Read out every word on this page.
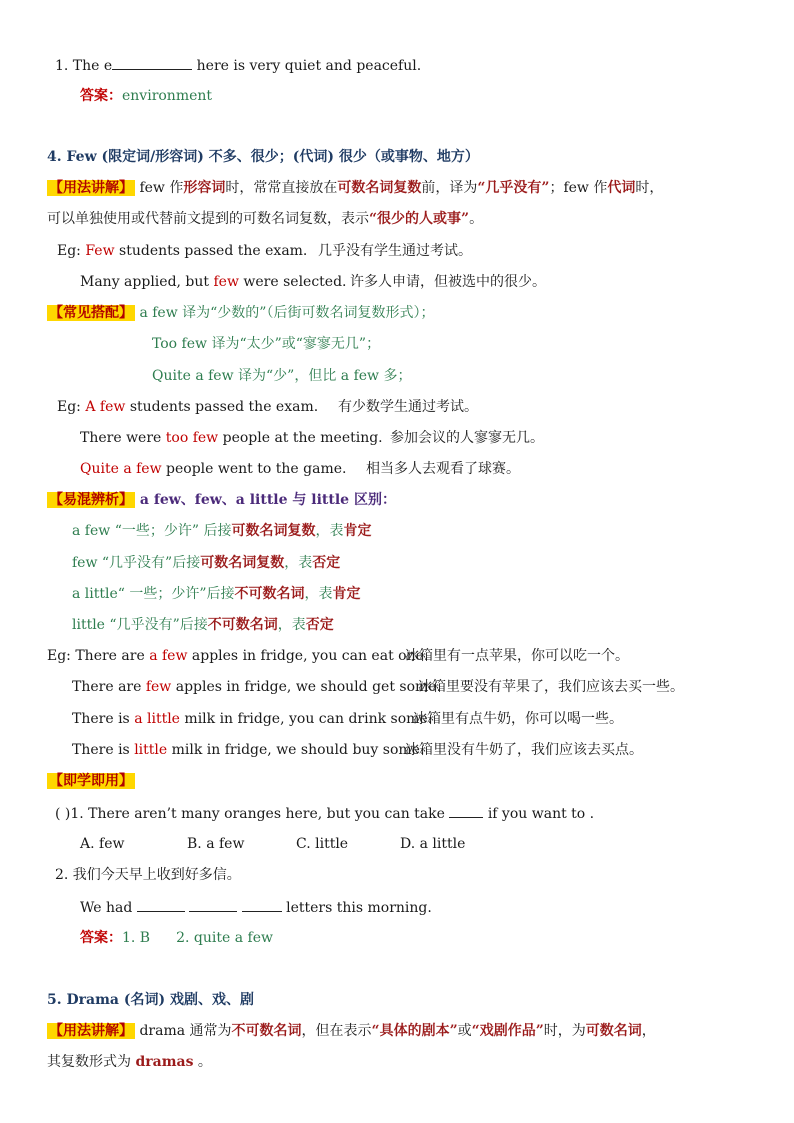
1. The e	here is very quiet and peaceful.
答案：environment
4. Few (限定词/形容词) 不多、很少；(代词) 很少（或事物、地方）
【用法讲解】 few 作形容词时，常常直接放在可数名词复数前，译为“几乎没有”；few 作代词时，
可以单独使用或代替前文提到的可数名词复数，表示“很少的人或事”。
Eg: Few students passed the exam. 几乎没有学生通过考试。
Many applied, but few were selected. 许多人申请，但被选中的很少。
【常见搭配】 a few 译为“少数的”（后街可数名词复数形式）；
Too few 译为“太少”或“寥寥无几”；
Quite a few 译为“少”，但比 a few 多；
Eg: A few students passed the exam. 有少数学生通过考试。
There were too few people at the meeting. 参加会议的人寥寥无几。
Quite a few people went to the game. 相当多人去观看了球赛。
【易混辨析】 a few、few、a little 与 little 区别：
a few “一些；少许” 后接可数名词复数，表肯定
few “几乎没有”后接可数名词复数，表否定
a little“ 一些；少许”后接不可数名词，表肯定
little “几乎没有”后接不可数名词，表否定
Eg: There are a few apples in fridge, you can eat one.
冰箱里有一点苹果，你可以吃一个。
There are few apples in fridge, we should get some.
冰箱里要没有苹果了，我们应该去买一些。
There is a little milk in fridge, you can drink some.
冰箱里有点牛奶，你可以喝一些。
There is little milk in fridge, we should buy some.
冰箱里没有牛奶了，我们应该去买点。
【即学即用】
( )1. There aren’t many oranges here, but you can take  if you want to .
A. few	B. a few	C. little	D. a little
2. 我们今天早上收到好多信。
We had	letters this morning.
答案：1. B 2. quite a few
5. Drama (名词) 戏剧、戏、剧
【用法讲解】 drama 通常为不可数名词，但在表示“具体的剧本”或“戏剧作品”时，为可数名词，
其复数形式为 dramas 。
